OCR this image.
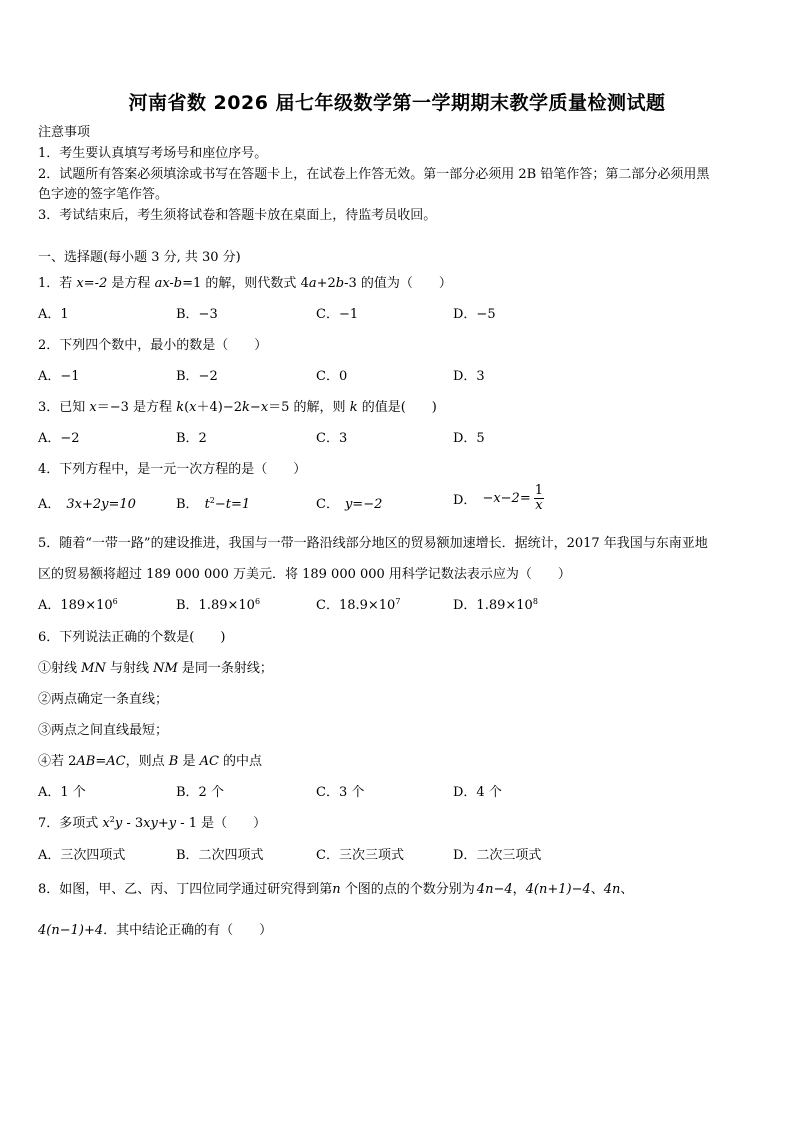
河南省数 2026 届七年级数学第一学期期末教学质量检测试题
注意事项
1．考生要认真填写考场号和座位序号。
2．试题所有答案必须填涂或书写在答题卡上，在试卷上作答无效。第一部分必须用 2B 铅笔作答；第二部分必须用黑
色字迹的签字笔作答。
3．考试结束后，考生须将试卷和答题卡放在桌面上，待监考员收回。
一、选择题(每小题 3 分, 共 30 分)
1．若 x=-2 是方程 ax-b=1 的解，则代数式 4a+2b-3 的值为（　　）
A．1	B．−3	C．−1	D．−5
2．下列四个数中，最小的数是（　　）
A．−1	B．−2	C．0	D．3
3．已知 x＝−3 是方程 k(x＋4)−2k−x＝5 的解，则 k 的值是(　　)
A．−2	B．2	C．3	D．5
4．下列方程中，是一元一次方程的是（　　）
A． 3x+2y=10	B． $t^2-t=1$	C． y=−2	D． $-x-2= \frac{1}{x}$
5．随着“一带一路”的建设推进，我国与一带一路沿线部分地区的贸易额加速增长．据统计，2017 年我国与东南亚地
区的贸易额将超过 189 000 000 万美元．将 189 000 000 用科学记数法表示应为（　　）
A．$189\times 10^6$	B．$1.89\times 10^6$	C．$18.9\times 10^7$	D．$1.89\times 10^8$
6．下列说法正确的个数是(　　)
①射线 MN 与射线 NM 是同一条射线；
②两点确定一条直线；
③两点之间直线最短；
④若 2AB=AC，则点 B 是 AC 的中点
A．1 个	B．2 个	C．3 个	D．4 个
7．多项式 $x^2y - 3xy+y - 1$ 是（　　）
A．三次四项式	B．二次四项式	C．三次三项式	D．二次三项式
8．如图，甲、乙、丙、丁四位同学通过研究得到第n 个图的点的个数分别为 4n−4，4(n+1)−4、4n、
4(n−1)+4．其中结论正确的有（　　）
